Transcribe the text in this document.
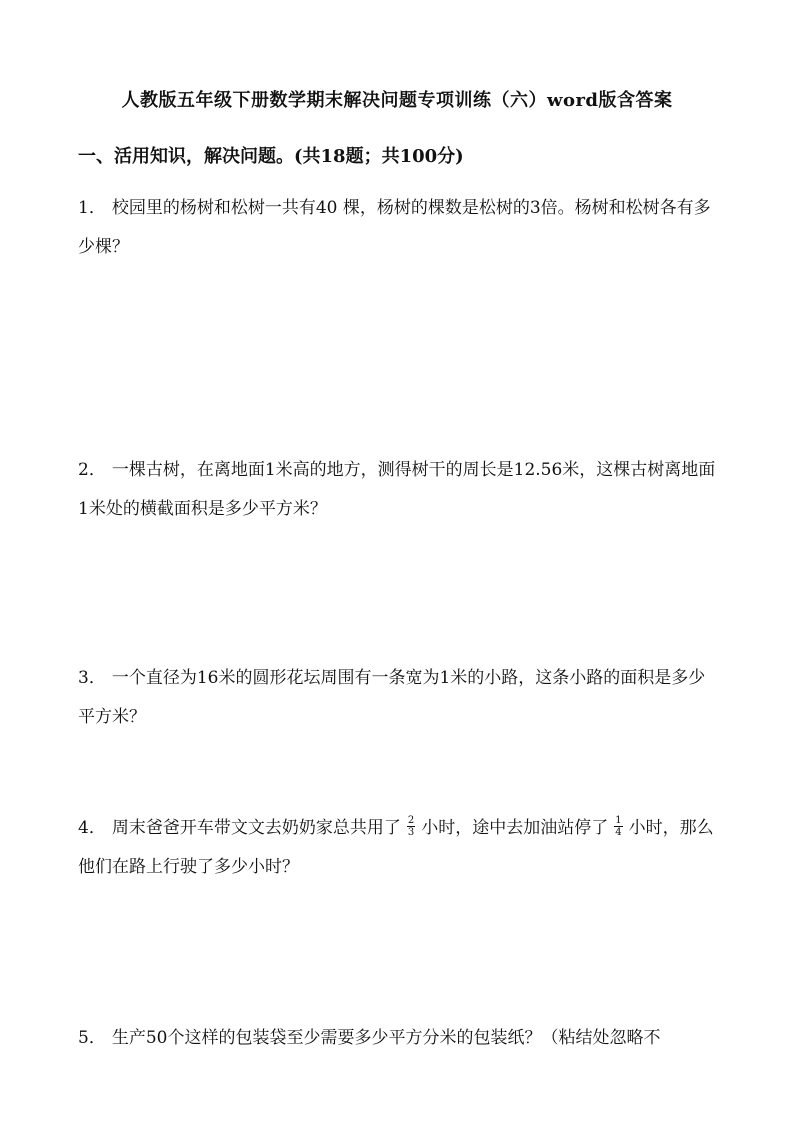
人教版五年级下册数学期末解决问题专项训练（六）word版含答案
一、活用知识，解决问题。(共18题；共100分)
1． 校园里的杨树和松树一共有40 棵，杨树的棵数是松树的3倍。杨树和松树各有多少棵？
2． 一棵古树，在离地面1米高的地方，测得树干的周长是12.56米，这棵古树离地面1米处的横截面积是多少平方米？
3． 一个直径为16米的圆形花坛周围有一条宽为1米的小路，这条小路的面积是多少平方米？
4． 周末爸爸开车带文文去奶奶家总共用了 $\frac{2}{3}$ 小时，途中去加油站停了 $\frac{1}{4}$ 小时，那么他们在路上行驶了多少小时？
5． 生产50个这样的包装袋至少需要多少平方分米的包装纸？（粘结处忽略不
